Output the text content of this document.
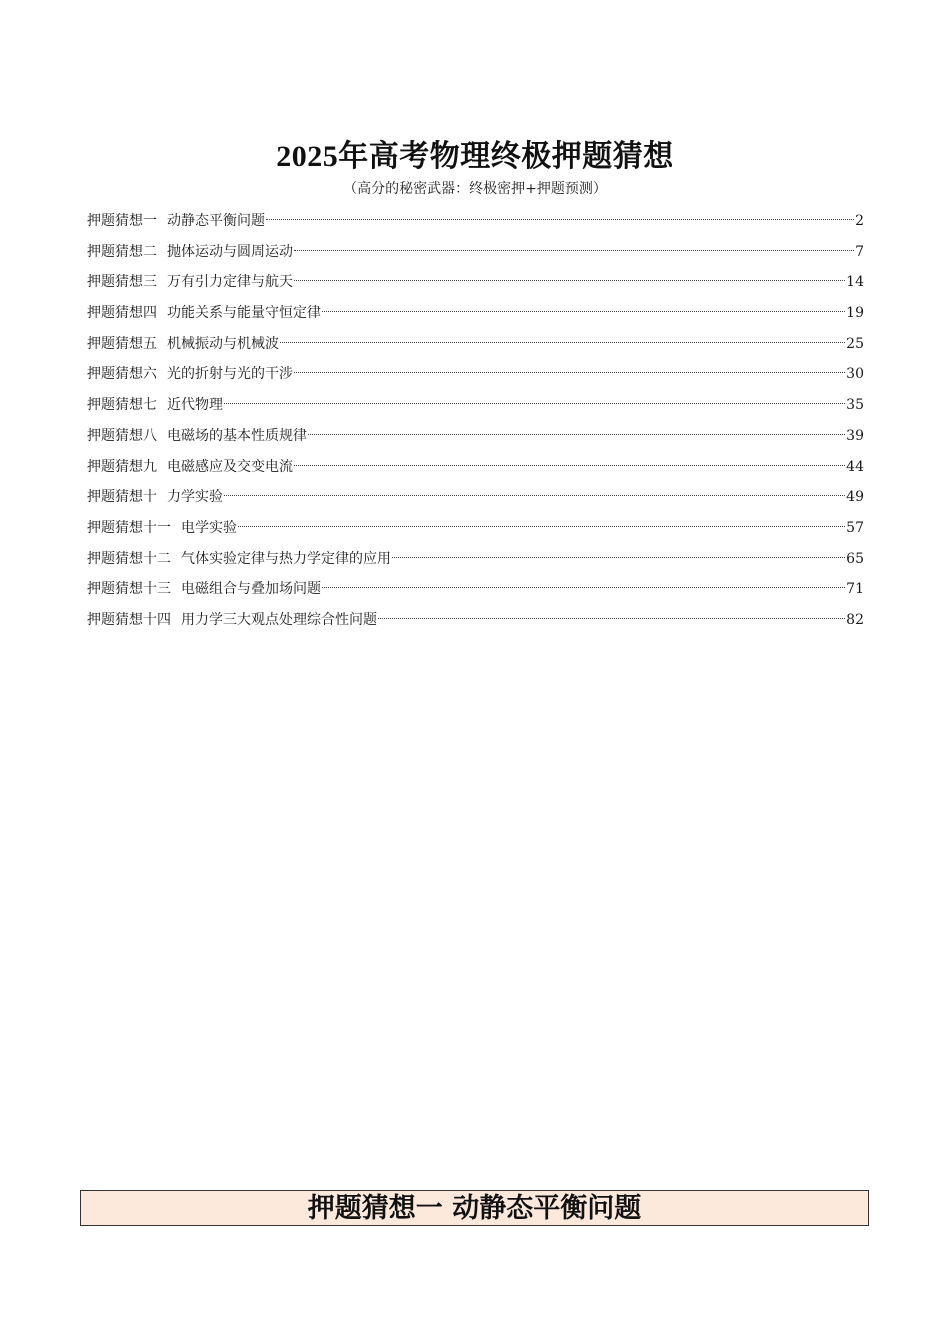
2025年高考物理终极押题猜想
（高分的秘密武器：终极密押+押题预测）
押题猜想一 动静态平衡问题	2
押题猜想二 抛体运动与圆周运动	7
押题猜想三 万有引力定律与航天	14
押题猜想四 功能关系与能量守恒定律	19
押题猜想五 机械振动与机械波	25
押题猜想六 光的折射与光的干涉	30
押题猜想七 近代物理	35
押题猜想八 电磁场的基本性质规律	39
押题猜想九 电磁感应及交变电流	44
押题猜想十 力学实验	49
押题猜想十一 电学实验	57
押题猜想十二 气体实验定律与热力学定律的应用	65
押题猜想十三 电磁组合与叠加场问题	71
押题猜想十四 用力学三大观点处理综合性问题	82
押题猜想一 动静态平衡问题
